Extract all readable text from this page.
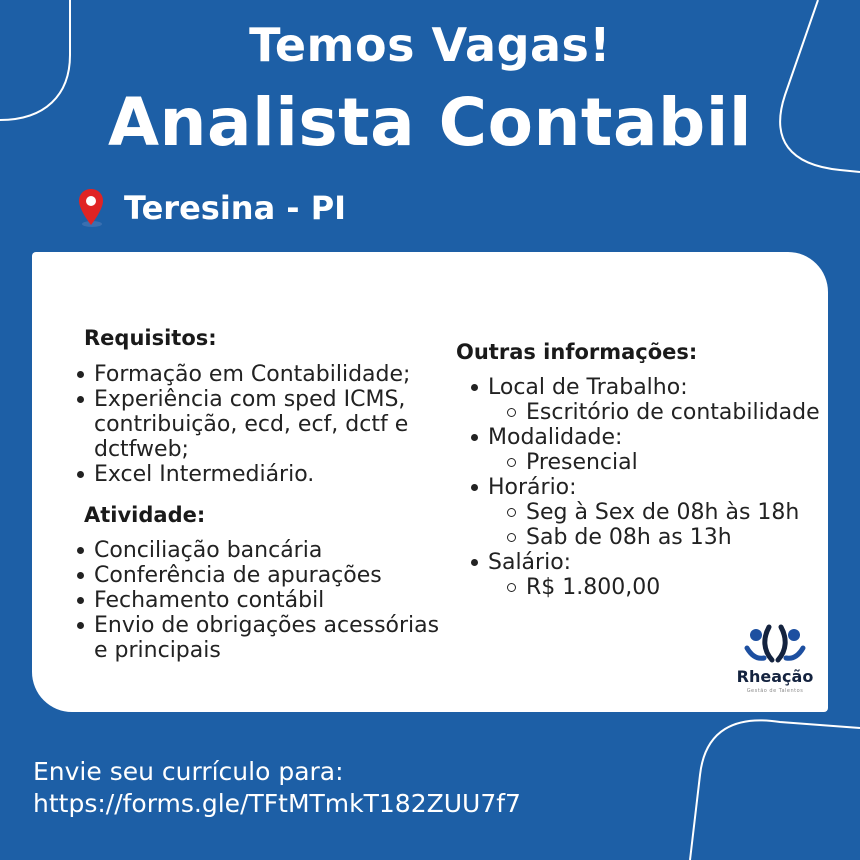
Temos Vagas!
Analista Contabil
Teresina - PI
Requisitos:
Formação em Contabilidade;
Experiência com sped ICMS, contribuição, ecd, ecf, dctf e dctfweb;
Excel Intermediário.
Atividade:
Conciliação bancária
Conferência de apurações
Fechamento contábil
Envio de obrigações acessórias e principais
Outras informações:
Local de Trabalho:
Escritório de contabilidade
Modalidade:
Presencial
Horário:
Seg à Sex de 08h às 18h
Sab de 08h as 13h
Salário:
R$ 1.800,00
Rheação
Gestão de Talentos
Envie seu currículo para:
https://forms.gle/TFtMTmkT182ZUU7f7
